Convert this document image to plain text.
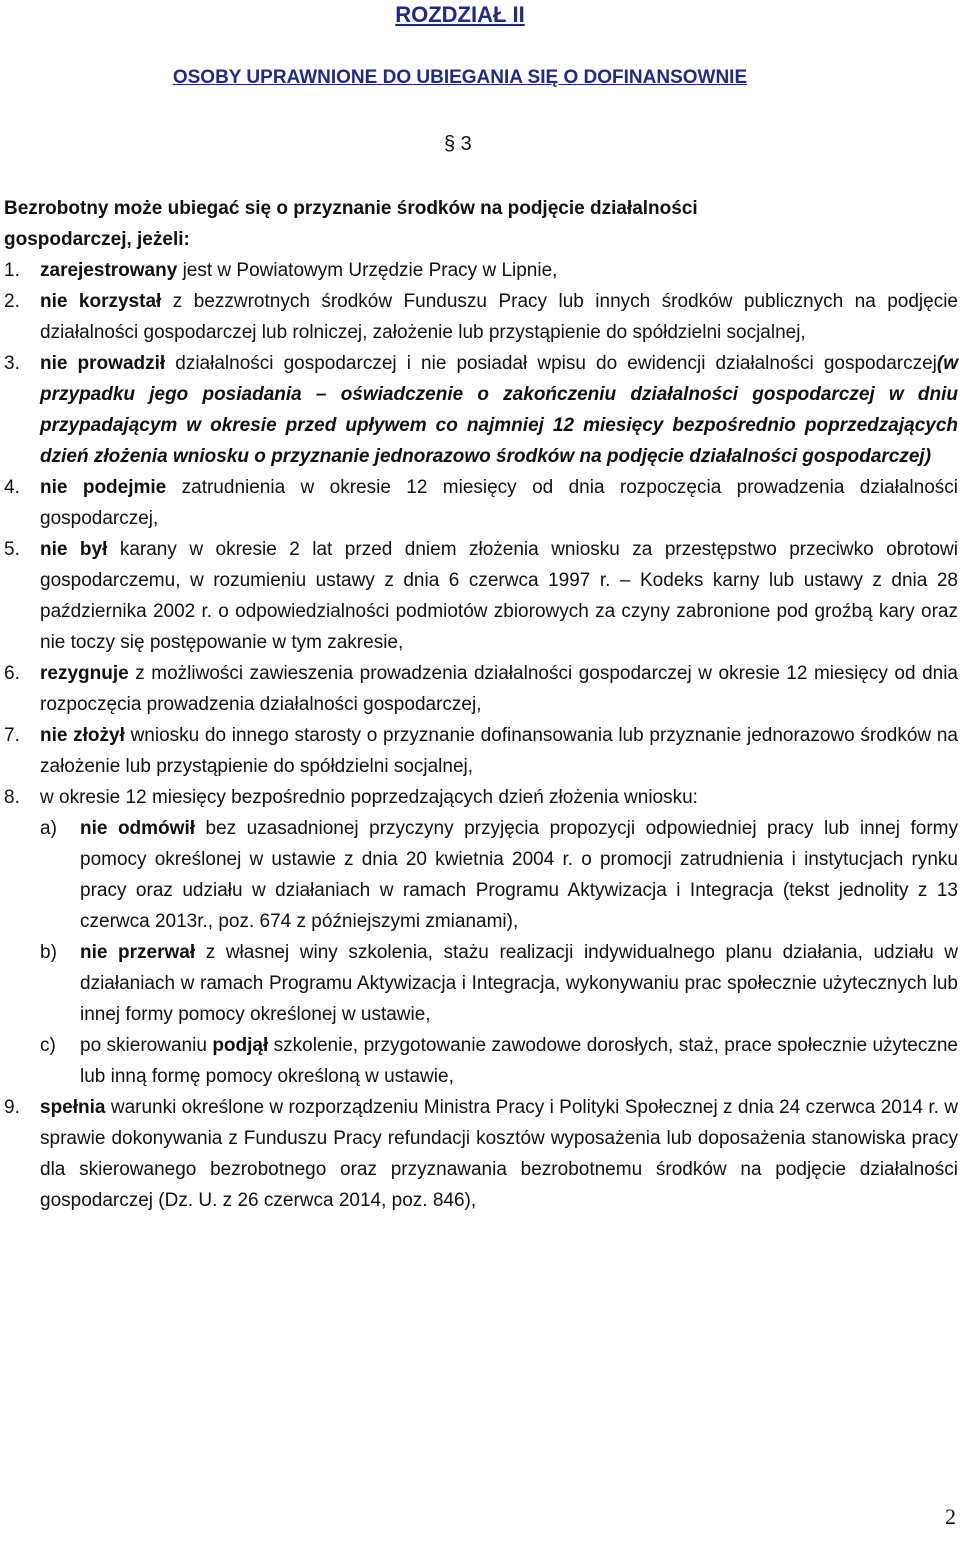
ROZDZIAŁ II
OSOBY UPRAWNIONE DO UBIEGANIA SIĘ O DOFINANSOWNIE
§ 3
Bezrobotny może ubiegać się o przyznanie środków na podjęcie działalności gospodarczej, jeżeli:
1. zarejestrowany jest w Powiatowym Urzędzie Pracy w Lipnie,
2. nie korzystał z bezzwrotnych środków Funduszu Pracy lub innych środków publicznych na podjęcie działalności gospodarczej lub rolniczej, założenie lub przystąpienie do spółdzielni socjalnej,
3. nie prowadził działalności gospodarczej i nie posiadał wpisu do ewidencji działalności gospodarczej(w przypadku jego posiadania – oświadczenie o zakończeniu działalności gospodarczej w dniu przypadającym w okresie przed upływem co najmniej 12 miesięcy bezpośrednio poprzedzających dzień złożenia wniosku o przyznanie jednorazowo środków na podjęcie działalności gospodarczej)
4. nie podejmie zatrudnienia w okresie 12 miesięcy od dnia rozpoczęcia prowadzenia działalności gospodarczej,
5. nie był karany w okresie 2 lat przed dniem złożenia wniosku za przestępstwo przeciwko obrotowi gospodarczemu, w rozumieniu ustawy z dnia 6 czerwca 1997 r. – Kodeks karny lub ustawy z dnia 28 października 2002 r. o odpowiedzialności podmiotów zbiorowych za czyny zabronione pod groźbą kary oraz nie toczy się postępowanie w tym zakresie,
6. rezygnuje z możliwości zawieszenia prowadzenia działalności gospodarczej w okresie 12 miesięcy od dnia rozpoczęcia prowadzenia działalności gospodarczej,
7. nie złożył wniosku do innego starosty o przyznanie dofinansowania lub przyznanie jednorazowo środków na założenie lub przystąpienie do spółdzielni socjalnej,
8. w okresie 12 miesięcy bezpośrednio poprzedzających dzień złożenia wniosku:
a) nie odmówił bez uzasadnionej przyczyny przyjęcia propozycji odpowiedniej pracy lub innej formy pomocy określonej w ustawie z dnia 20 kwietnia 2004 r. o promocji zatrudnienia i instytucjach rynku pracy oraz udziału w działaniach w ramach Programu Aktywizacja i Integracja (tekst jednolity z 13 czerwca 2013r., poz. 674 z późniejszymi zmianami),
b) nie przerwał z własnej winy szkolenia, stażu realizacji indywidualnego planu działania, udziału w działaniach w ramach Programu Aktywizacja i Integracja, wykonywaniu prac społecznie użytecznych lub innej formy pomocy określonej w ustawie,
c) po skierowaniu podjął szkolenie, przygotowanie zawodowe dorosłych, staż, prace społecznie użyteczne lub inną formę pomocy określoną w ustawie,
9. spełnia warunki określone w rozporządzeniu Ministra Pracy i Polityki Społecznej z dnia 24 czerwca 2014 r. w sprawie dokonywania z Funduszu Pracy refundacji kosztów wyposażenia lub doposażenia stanowiska pracy dla skierowanego bezrobotnego oraz przyznawania bezrobotnemu środków na podjęcie działalności gospodarczej (Dz. U. z 26 czerwca 2014, poz. 846),
2
